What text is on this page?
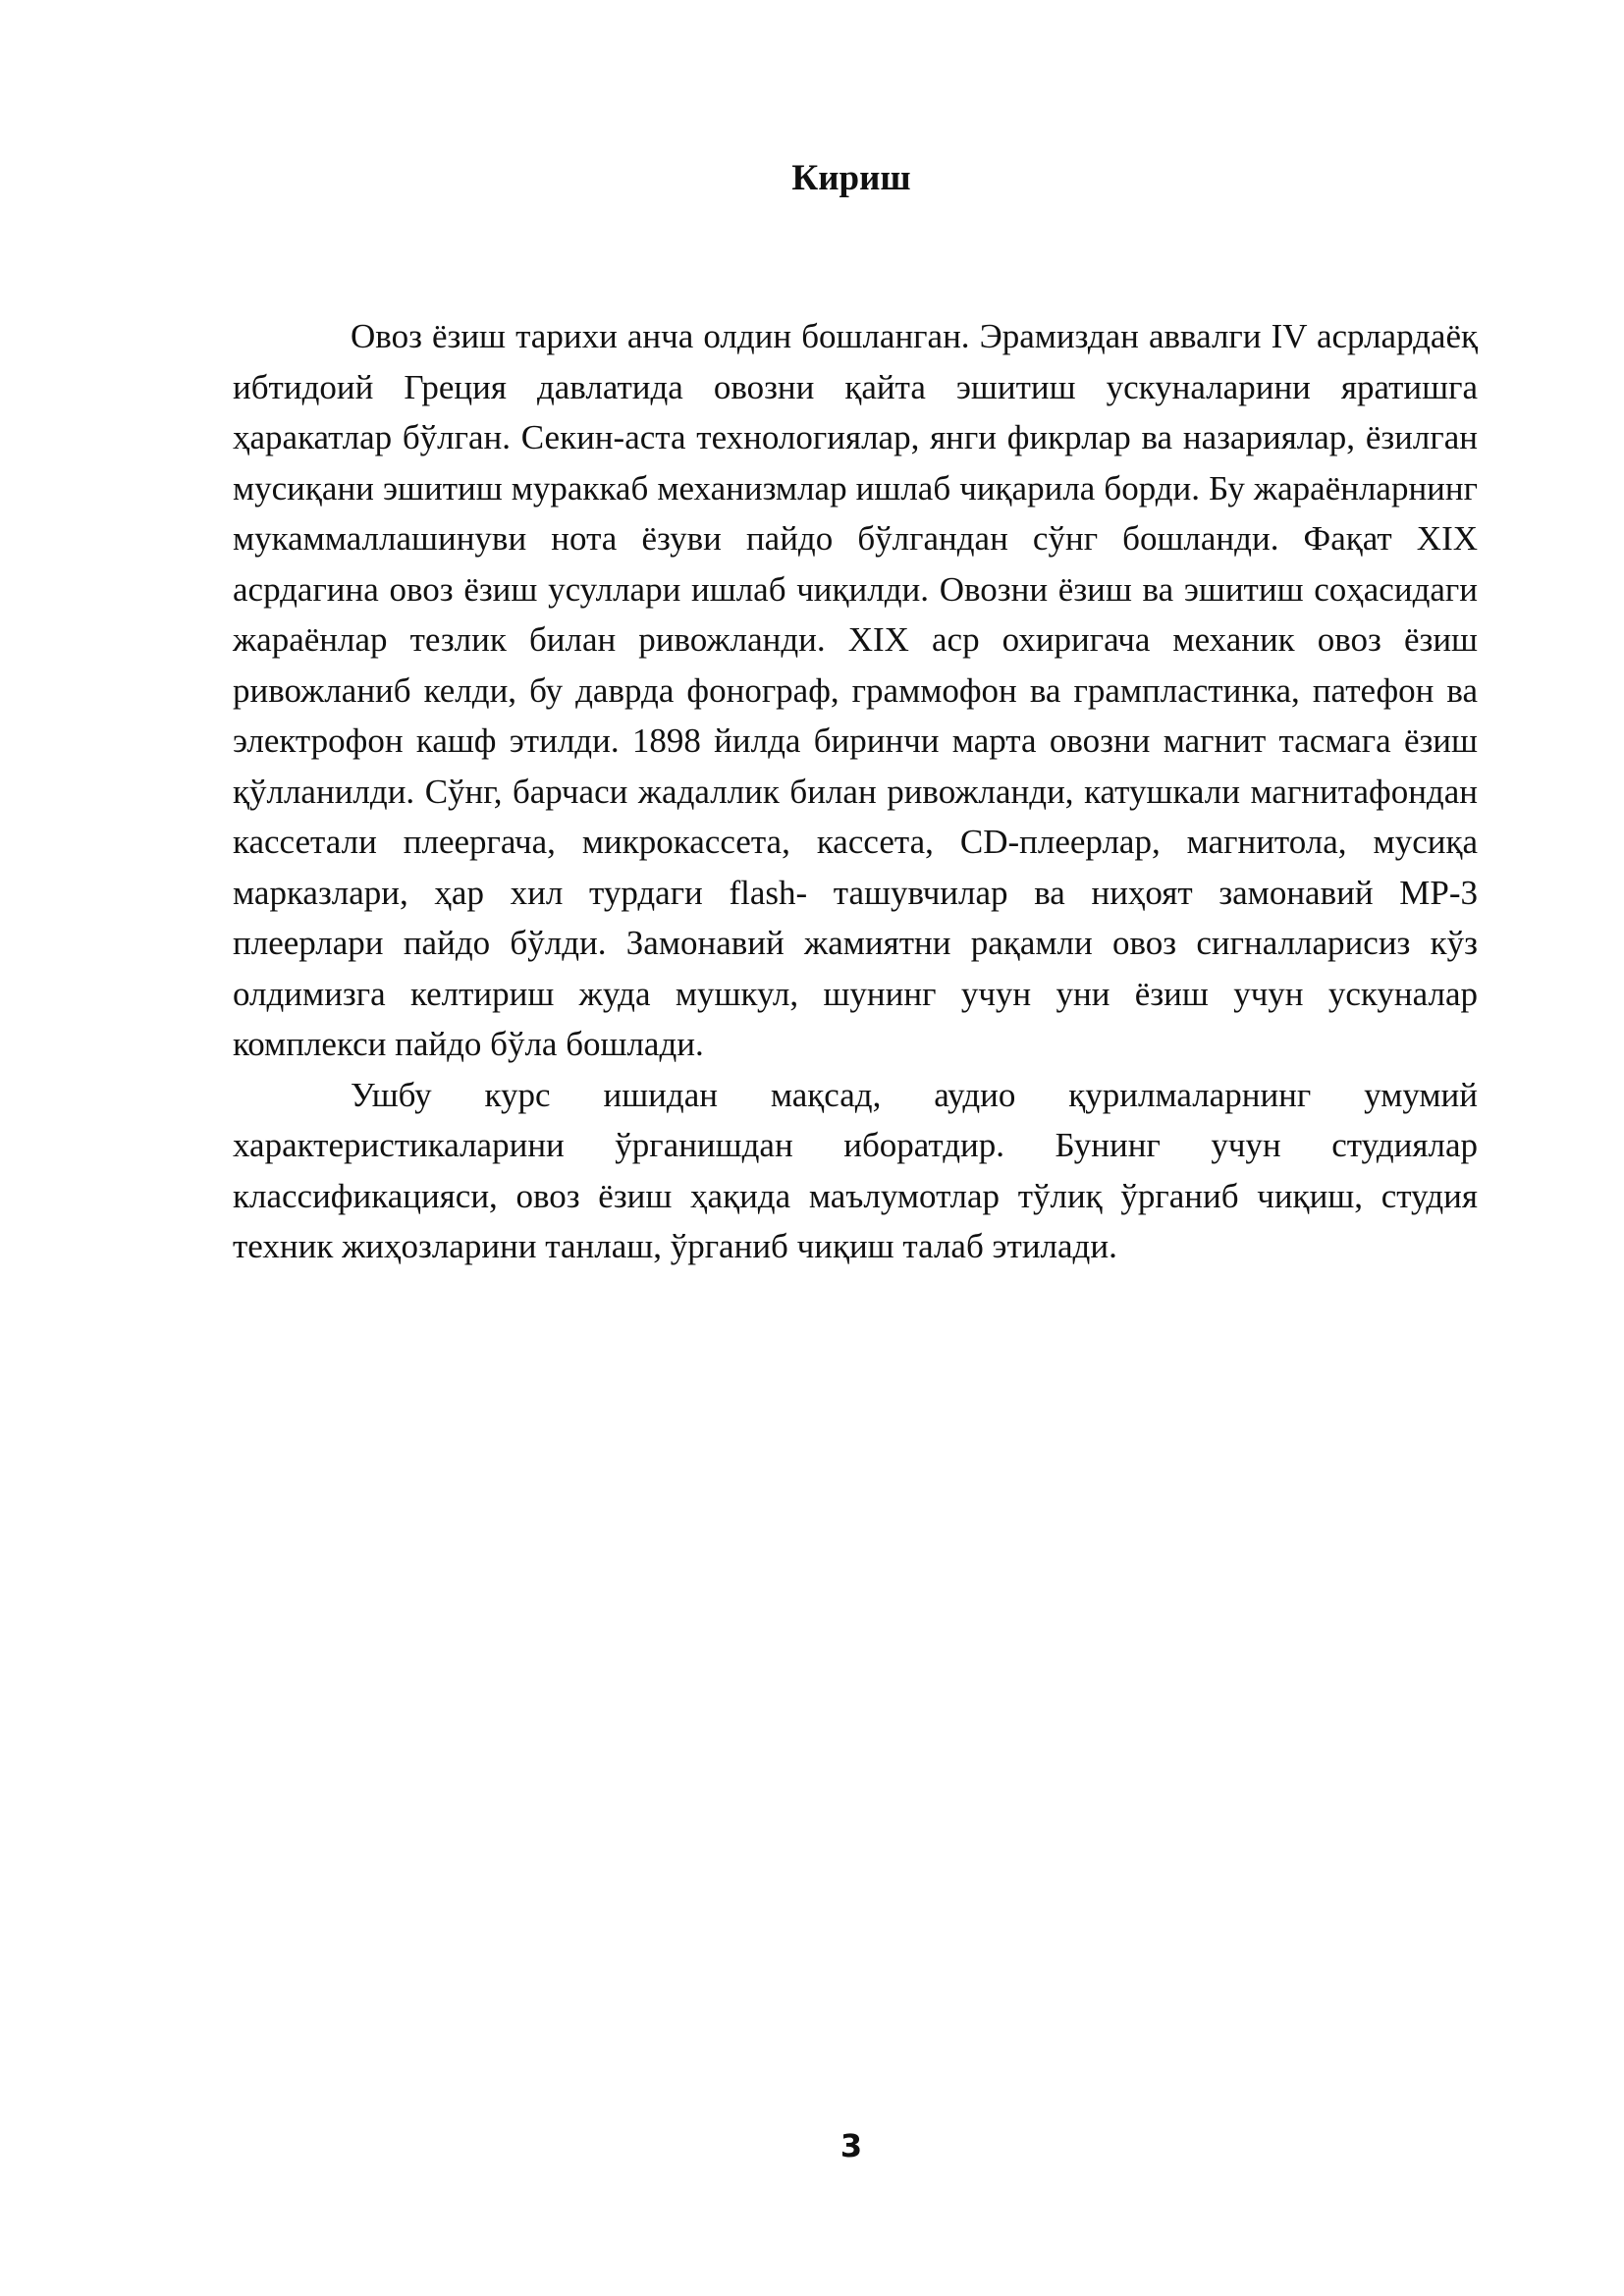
Кириш

Овоз ёзиш тарихи анча олдин бошланган. Эрамиздан аввалги IV асрлардаёқ ибтидоий Греция давлатида овозни қайта эшитиш ускуналарини яратишга ҳаракатлар бўлган. Секин-аста технологиялар, янги фикрлар ва назариялар, ёзилган мусиқани эшитиш мураккаб механизмлар ишлаб чиқарила борди. Бу жараёнларнинг мукаммаллашинуви нота ёзуви пайдо бўлгандан сўнг бошланди. Фақат XIX асрдагина овоз ёзиш усуллари ишлаб чиқилди. Овозни ёзиш ва эшитиш соҳасидаги жараёнлар тезлик билан ривожланди. XIX аср охиригача механик овоз ёзиш ривожланиб келди, бу даврда фонограф, граммофон ва грампластинка, патефон ва электрофон кашф этилди. 1898 йилда биринчи марта овозни магнит тасмага ёзиш қўлланилди. Сўнг, барчаси жадаллик билан ривожланди, катушкали магнитафондан кассетали плеергача, микрокассета, кассета, CD-плеерлар, магнитола, мусиқа марказлари, ҳар хил турдаги flash- ташувчилар ва ниҳоят замонавий MP-3 плеерлари пайдо бўлди. Замонавий жамиятни рақамли овоз сигналларисиз кўз олдимизга келтириш жуда мушкул, шунинг учун уни ёзиш учун ускуналар комплекси пайдо бўла бошлади.

Ушбу курс ишидан мақсад, аудио қурилмаларнинг умумий характеристикаларини ўрганишдан иборатдир. Бунинг учун студиялар классификацияси, овоз ёзиш ҳақида маълумотлар тўлиқ ўрганиб чиқиш, студия техник жиҳозларини танлаш, ўрганиб чиқиш талаб этилади.

3
